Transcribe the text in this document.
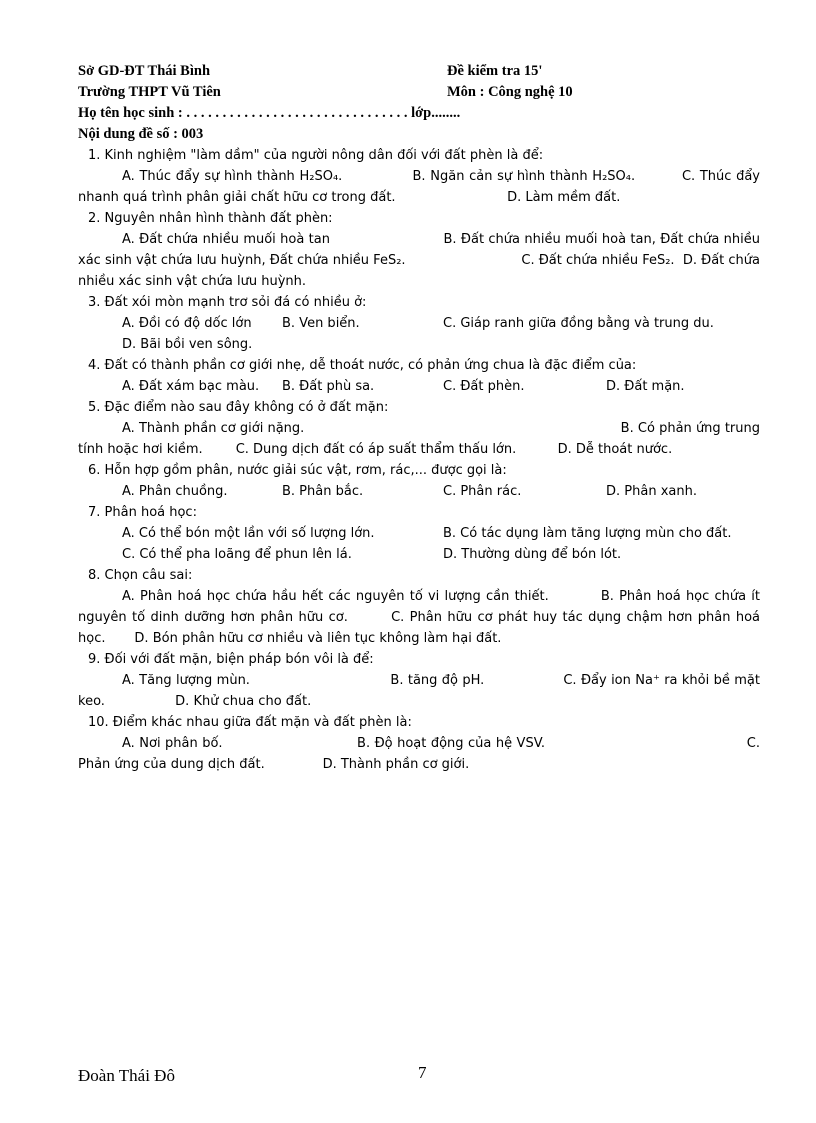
Sở GD-ĐT Thái Bình
Trường THPT Vũ Tiên
Họ tên học sinh : . . . . . . . . . . . . . . . . . . . . . . . . . . . . . . . lớp........
Nội dung đề số : 003
Đề kiểm tra 15'
Môn : Công nghệ 10
1. Kinh nghiệm "làm dầm" của người nông dân đối với đất phèn là để:
A. Thúc đẩy sự hình thành H₂SO₄.	B. Ngăn cản sự hình thành H₂SO₄.	C. Thúc đẩy nhanh quá trình phân giải chất hữu cơ trong đất.	D. Làm mềm đất.
2. Nguyên nhân hình thành đất phèn:
A. Đất chứa nhiều muối hoà tan	B. Đất chứa nhiều muối hoà tan, Đất chứa nhiều xác sinh vật chứa lưu huỳnh, Đất chứa nhiều FeS₂.	C. Đất chứa nhiều FeS₂. D. Đất chứa nhiều xác sinh vật chứa lưu huỳnh.
3. Đất xói mòn mạnh trơ sỏi đá có nhiều ở:
A. Đồi có độ dốc lớn B. Ven biển.	C. Giáp ranh giữa đồng bằng và trung du.
D. Bãi bồi ven sông.
4. Đất có thành phần cơ giới nhẹ, dễ thoát nước, có phản ứng chua là đặc điểm của:
A. Đất xám bạc màu. B. Đất phù sa.	C. Đất phèn.	D. Đất mặn.
5. Đặc điểm nào sau đây không có ở đất mặn:
A. Thành phần cơ giới nặng.	B. Có phản ứng trung tính hoặc hơi kiềm.	C. Dung dịch đất có áp suất thẩm thấu lớn.	D. Dễ thoát nước.
6. Hỗn hợp gồm phân, nước giải súc vật, rơm, rác,... được gọi là:
A. Phân chuồng.	B. Phân bắc.	C. Phân rác.	D. Phân xanh.
7. Phân hoá học:
A. Có thể bón một lần với số lượng lớn.	B. Có tác dụng làm tăng lượng mùn cho đất.
C. Có thể pha loãng để phun lên lá.	D. Thường dùng để bón lót.
8. Chọn câu sai:
A. Phân hoá học chứa hầu hết các nguyên tố vi lượng cần thiết.	B. Phân hoá học chứa ít nguyên tố dinh dưỡng hơn phân hữu cơ.	C. Phân hữu cơ phát huy tác dụng chậm hơn phân hoá học. D. Bón phân hữu cơ nhiều và liên tục không làm hại đất.
9. Đối với đất mặn, biện pháp bón vôi là để:
A. Tăng lượng mùn.	B. tăng độ pH.	C. Đẩy ion Na⁺ ra khỏi bề mặt keo.	D. Khử chua cho đất.
10. Điểm khác nhau giữa đất mặn và đất phèn là:
A. Nơi phân bố.	B. Độ hoạt động của hệ VSV.	C. Phản ứng của dung dịch đất.	D. Thành phần cơ giới.
Đoàn Thái Đô	7
